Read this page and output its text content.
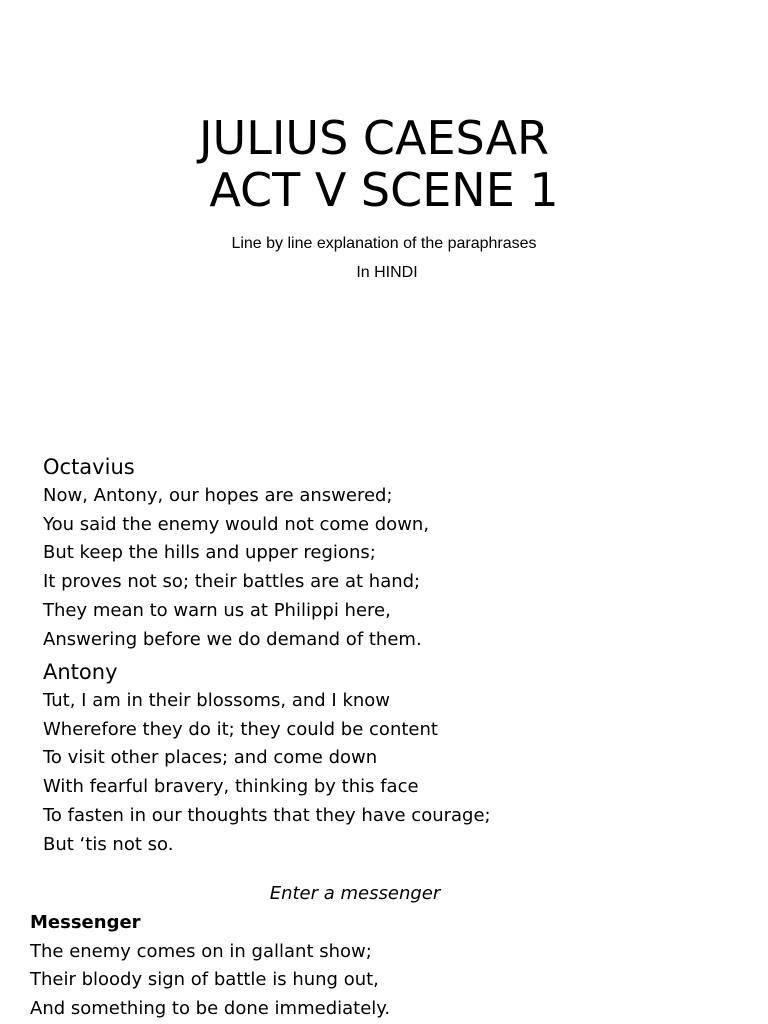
JULIUS CAESAR
ACT V SCENE 1
Line by line explanation of the paraphrases
In HINDI
Octavius
Now, Antony, our hopes are answered;
You said the enemy would not come down,
But keep the hills and upper regions;
It proves not so; their battles are at hand;
They mean to warn us at Philippi here,
Answering before we do demand of them.
Antony
Tut, I am in their blossoms, and I know
Wherefore they do it; they could be content
To visit other places; and come down
With fearful bravery, thinking by this face
To fasten in our thoughts that they have courage;
But ‘tis not so.
Enter a messenger
Messenger
The enemy comes on in gallant show;
Their bloody sign of battle is hung out,
And something to be done immediately.
